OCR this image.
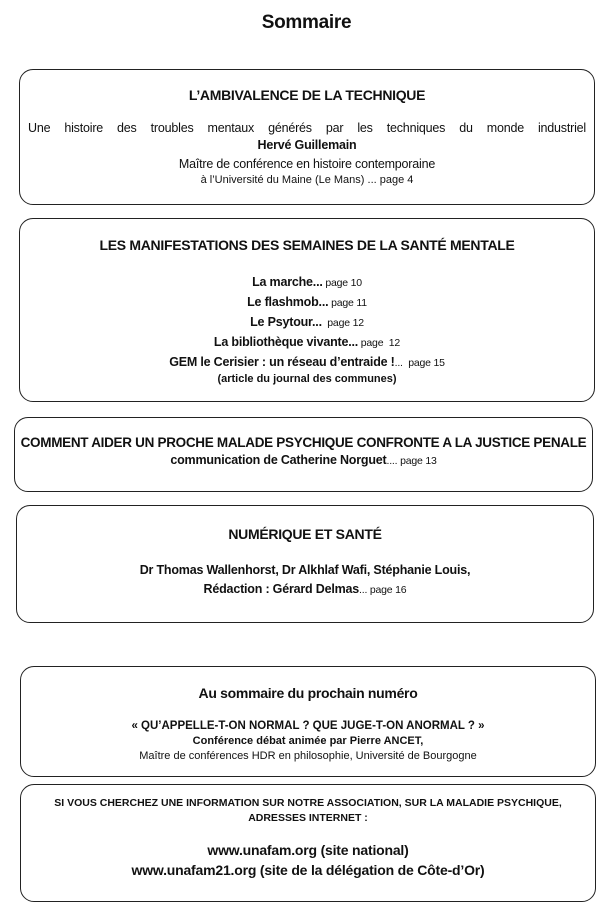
Sommaire
L’AMBIVALENCE DE LA TECHNIQUE
Une histoire des troubles mentaux générés par les techniques du monde industriel
Hervé Guillemain
Maître de conférence en histoire contemporaine
à l’Université du Maine (Le Mans) ... page 4
LES MANIFESTATIONS DES SEMAINES DE LA SANTÉ MENTALE
La marche... page 10
Le flashmob... page 11
Le Psytour...  page 12
La bibliothèque vivante... page  12
GEM le Cerisier : un réseau d’entraide !...  page 15
(article du journal des communes)
COMMENT AIDER UN PROCHE MALADE PSYCHIQUE CONFRONTE A LA JUSTICE PENALE
communication de Catherine Norguet.... page 13
NUMÉRIQUE ET SANTÉ
Dr Thomas Wallenhorst, Dr Alkhlaf Wafi, Stéphanie Louis,
Rédaction : Gérard Delmas... page 16
Au sommaire du prochain numéro
« QU’APPELLE-T-ON NORMAL ? QUE JUGE-T-ON ANORMAL ? »
Conférence débat animée par Pierre ANCET,
Maître de conférences HDR en philosophie, Université de Bourgogne
SI VOUS CHERCHEZ UNE INFORMATION SUR NOTRE ASSOCIATION, SUR LA MALADIE PSYCHIQUE,
ADRESSES INTERNET :
www.unafam.org (site national)
www.unafam21.org (site de la délégation de Côte-d’Or)
